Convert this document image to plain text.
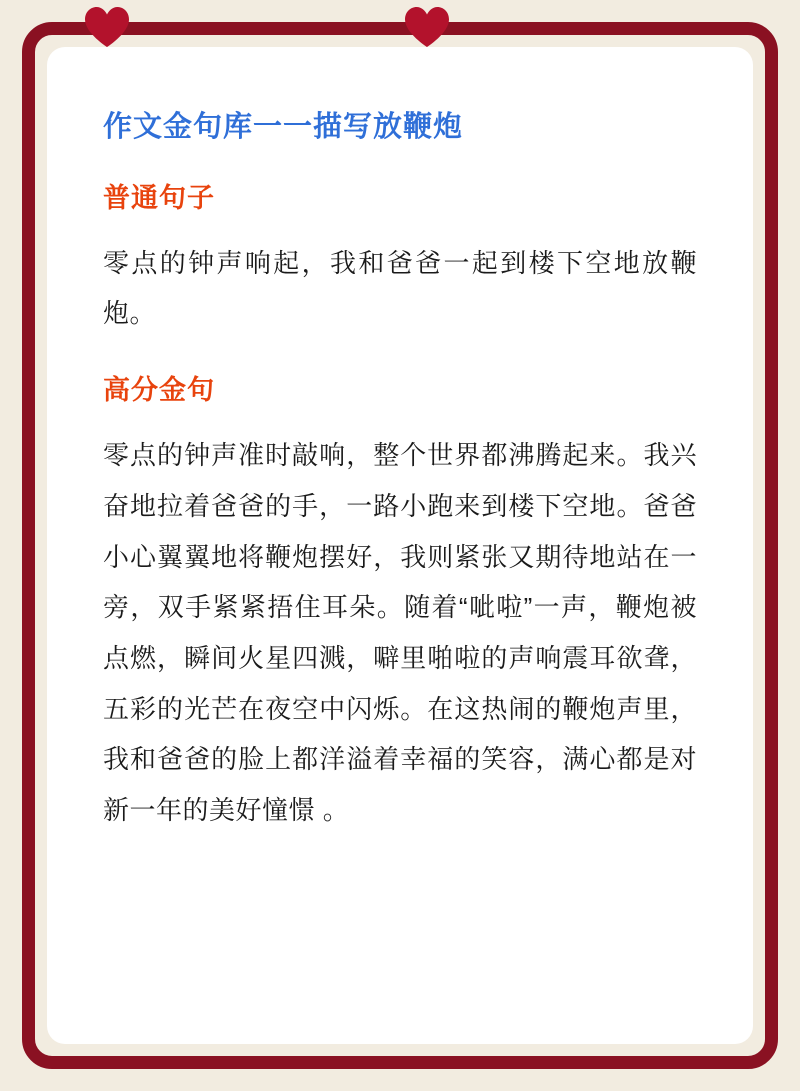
作文金句库一一描写放鞭炮
普通句子

零点的钟声响起，我和爸爸一起到楼下空地放鞭炮。

高分金句

零点的钟声准时敲响，整个世界都沸腾起来。我兴奋地拉着爸爸的手，一路小跑来到楼下空地。爸爸小心翼翼地将鞭炮摆好，我则紧张又期待地站在一旁，双手紧紧捂住耳朵。随着“呲啦”一声，鞭炮被点燃，瞬间火星四溅，噼里啪啦的声响震耳欲聋，五彩的光芒在夜空中闪烁。在这热闹的鞭炮声里，我和爸爸的脸上都洋溢着幸福的笑容，满心都是对新一年的美好憧憬 。
